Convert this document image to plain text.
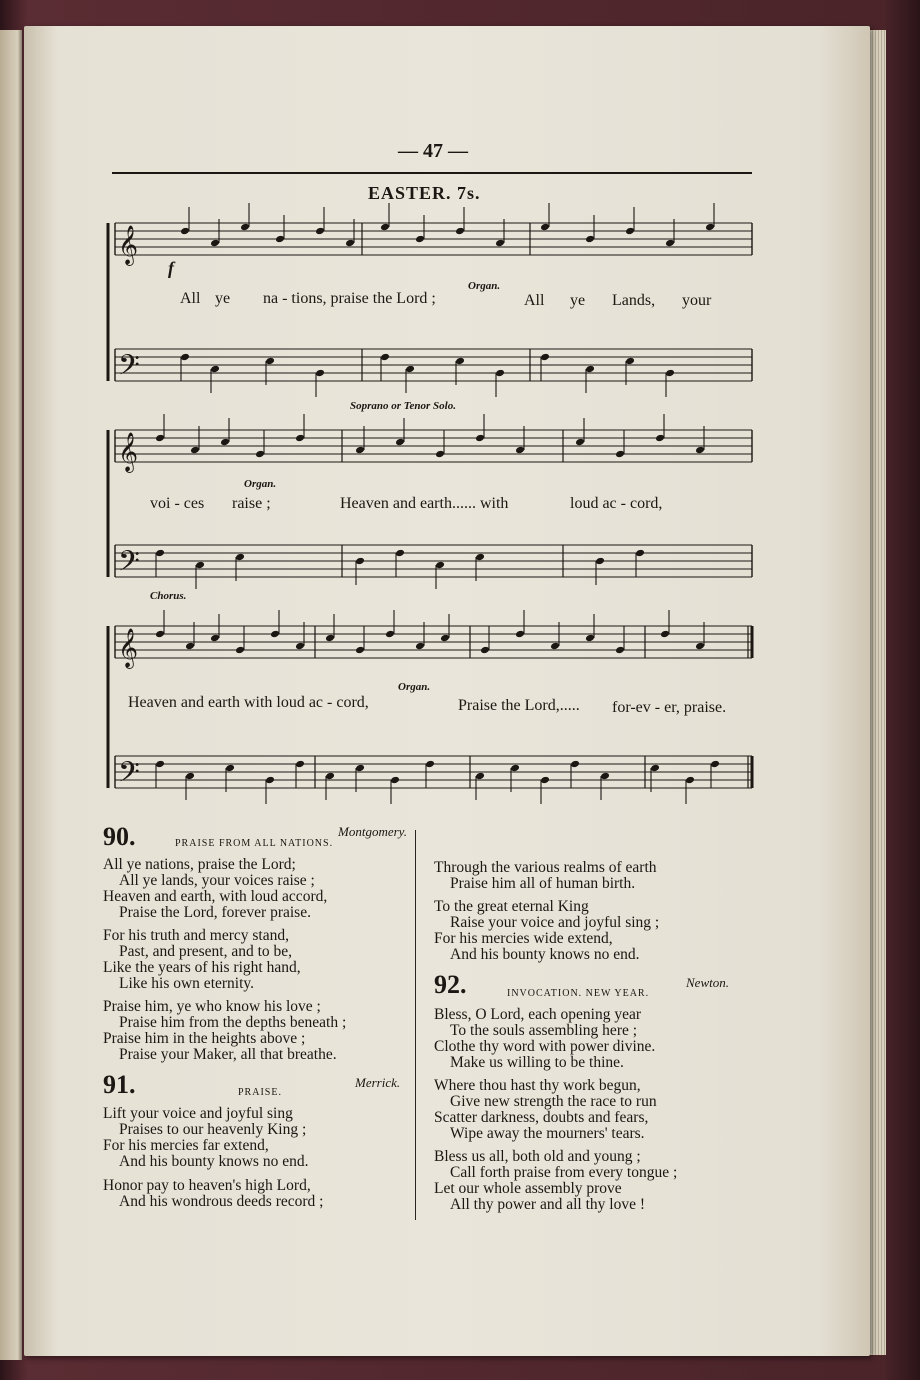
— 47 —
EASTER. 7s.
𝄞
𝄢
𝄞
𝄢
𝄞
𝄢
f
Organ.
Soprano or Tenor Solo.
Organ.
Chorus.
Organ.
All ye na - tions, praise the Lord ;	All ye Lands, your
voi - ces raise ;	Heaven and earth...... with	loud ac - cord,
Heaven and earth with loud ac - cord,	Praise the Lord,..... for-ev - er, praise.
90.	PRAISE FROM ALL NATIONS.
Montgomery.
All ye nations, praise the Lord;
All ye lands, your voices raise ;
Heaven and earth, with loud accord,
Praise the Lord, forever praise.
For his truth and mercy stand,
Past, and present, and to be,
Like the years of his right hand,
Like his own eternity.
Praise him, ye who know his love ;
Praise him from the depths beneath ;
Praise him in the heights above ;
Praise your Maker, all that breathe.
91.	PRAISE.
Merrick.
Lift your voice and joyful sing
Praises to our heavenly King ;
For his mercies far extend,
And his bounty knows no end.
Honor pay to heaven's high Lord,
And his wondrous deeds record ;
Through the various realms of earth
Praise him all of human birth.
To the great eternal King
Raise your voice and joyful sing ;
For his mercies wide extend,
And his bounty knows no end.
92.	INVOCATION. NEW YEAR.
Newton.
Bless, O Lord, each opening year
To the souls assembling here ;
Clothe thy word with power divine.
Make us willing to be thine.
Where thou hast thy work begun,
Give new strength the race to run
Scatter darkness, doubts and fears,
Wipe away the mourners' tears.
Bless us all, both old and young ;
Call forth praise from every tongue ;
Let our whole assembly prove
All thy power and all thy love !
